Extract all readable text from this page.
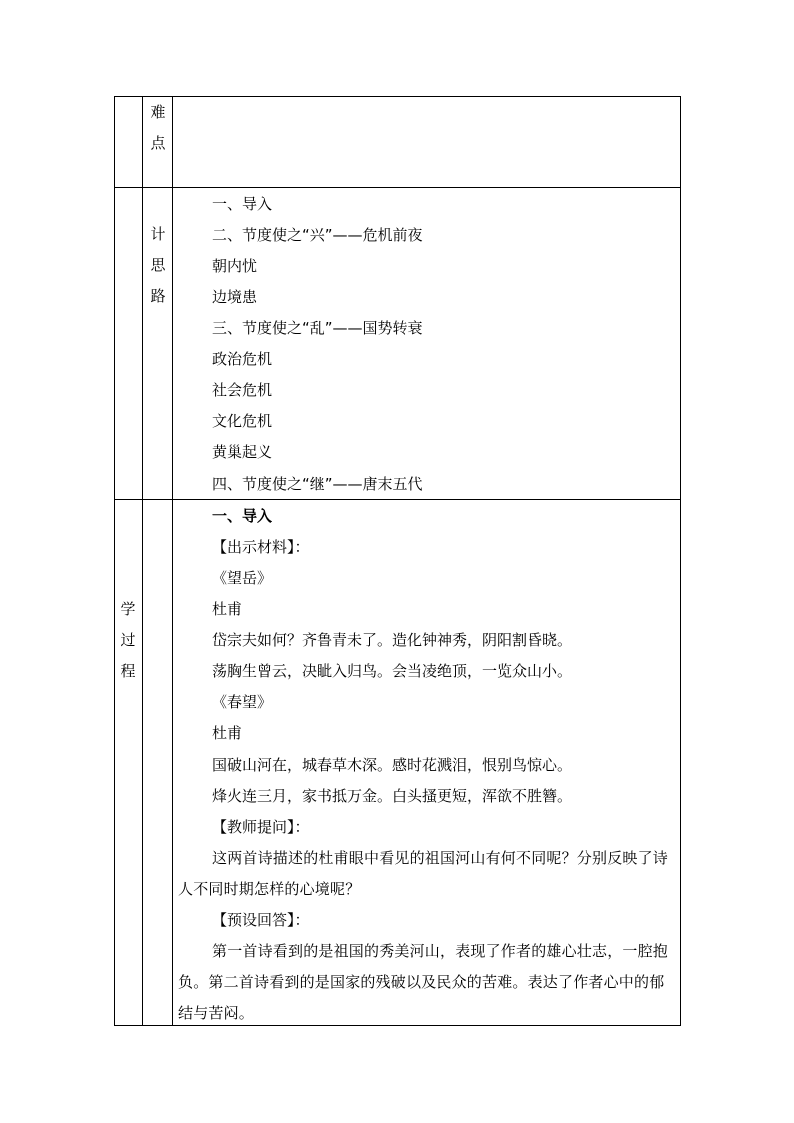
难
点
计
思
路
一、导入
二、节度使之“兴”——危机前夜
朝内忧
边境患
三、节度使之“乱”——国势转衰
政治危机
社会危机
文化危机
黄巢起义
四、节度使之“继”——唐末五代
学
过
程
一、导入
【出示材料】：
《望岳》
杜甫
岱宗夫如何？齐鲁青未了。造化钟神秀，阴阳割昏晓。
荡胸生曾云，决眦入归鸟。会当凌绝顶，一览众山小。
《春望》
杜甫
国破山河在，城春草木深。感时花溅泪，恨别鸟惊心。
烽火连三月，家书抵万金。白头搔更短，浑欲不胜簪。
【教师提问】：
这两首诗描述的杜甫眼中看见的祖国河山有何不同呢？分别反映了诗人不同时期怎样的心境呢？
【预设回答】：
第一首诗看到的是祖国的秀美河山，表现了作者的雄心壮志，一腔抱负。第二首诗看到的是国家的残破以及民众的苦难。表达了作者心中的郁结与苦闷。
